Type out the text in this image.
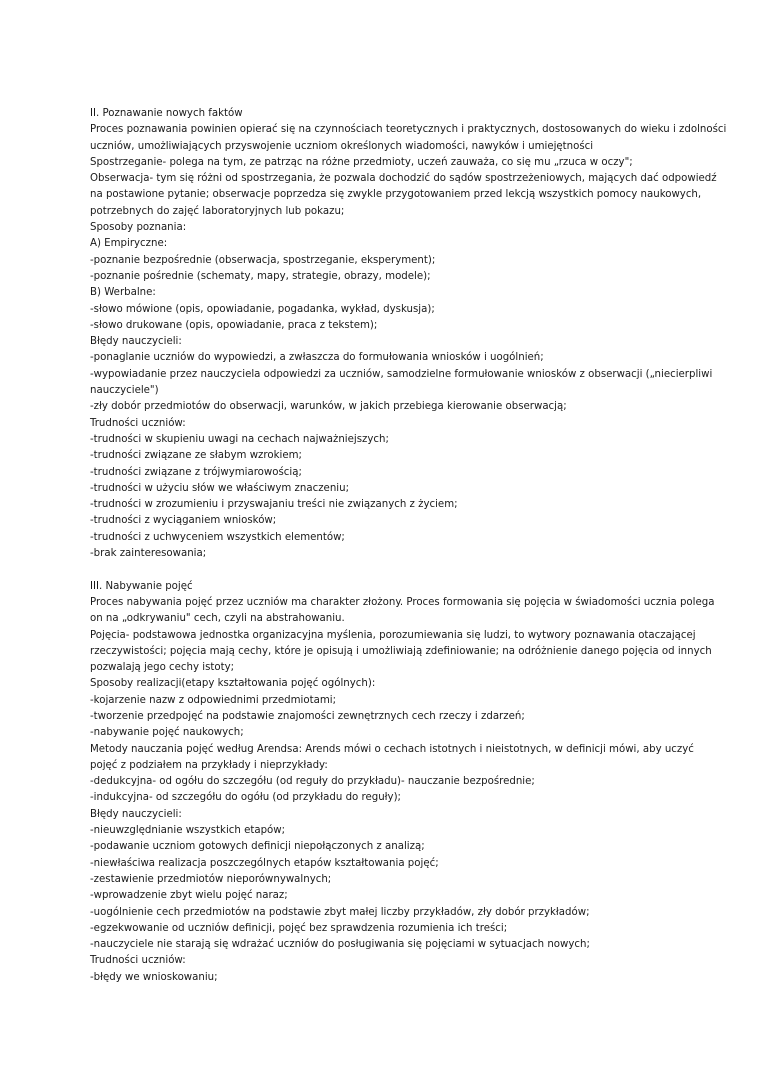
II. Poznawanie nowych faktów
Proces poznawania powinien opierać się na czynnościach teoretycznych i praktycznych, dostosowanych do wieku i zdolności
uczniów, umożliwiających przyswojenie uczniom określonych wiadomości, nawyków i umiejętności
Spostrzeganie- polega na tym, ze patrząc na różne przedmioty, uczeń zauważa, co się mu „rzuca w oczy";
Obserwacja- tym się różni od spostrzegania, że pozwala dochodzić do sądów spostrzeżeniowych, mających dać odpowiedź
na postawione pytanie; obserwacje poprzedza się zwykle przygotowaniem przed lekcją wszystkich pomocy naukowych,
potrzebnych do zajęć laboratoryjnych lub pokazu;
Sposoby poznania:
A) Empiryczne:
-poznanie bezpośrednie (obserwacja, spostrzeganie, eksperyment);
-poznanie pośrednie (schematy, mapy, strategie, obrazy, modele);
B) Werbalne:
-słowo mówione (opis, opowiadanie, pogadanka, wykład, dyskusja);
-słowo drukowane (opis, opowiadanie, praca z tekstem);
Błędy nauczycieli:
-ponaglanie uczniów do wypowiedzi, a zwłaszcza do formułowania wniosków i uogólnień;
-wypowiadanie przez nauczyciela odpowiedzi za uczniów, samodzielne formułowanie wniosków z obserwacji („niecierpliwi
nauczyciele")
-zły dobór przedmiotów do obserwacji, warunków, w jakich przebiega kierowanie obserwacją;
Trudności uczniów:
-trudności w skupieniu uwagi na cechach najważniejszych;
-trudności związane ze słabym wzrokiem;
-trudności związane z trójwymiarowością;
-trudności w użyciu słów we właściwym znaczeniu;
-trudności w zrozumieniu i przyswajaniu treści nie związanych z życiem;
-trudności z wyciąganiem wniosków;
-trudności z uchwyceniem wszystkich elementów;
-brak zainteresowania;
III. Nabywanie pojęć
Proces nabywania pojęć przez uczniów ma charakter złożony. Proces formowania się pojęcia w świadomości ucznia polega
on na „odkrywaniu" cech, czyli na abstrahowaniu.
Pojęcia- podstawowa jednostka organizacyjna myślenia, porozumiewania się ludzi, to wytwory poznawania otaczającej
rzeczywistości; pojęcia mają cechy, które je opisują i umożliwiają zdefiniowanie; na odróżnienie danego pojęcia od innych
pozwalają jego cechy istoty;
Sposoby realizacji(etapy kształtowania pojęć ogólnych):
-kojarzenie nazw z odpowiednimi przedmiotami;
-tworzenie przedpojęć na podstawie znajomości zewnętrznych cech rzeczy i zdarzeń;
-nabywanie pojęć naukowych;
Metody nauczania pojęć według Arendsa: Arends mówi o cechach istotnych i nieistotnych, w definicji mówi, aby uczyć
pojęć z podziałem na przykłady i nieprzykłady:
-dedukcyjna- od ogółu do szczegółu (od reguły do przykładu)- nauczanie bezpośrednie;
-indukcyjna- od szczegółu do ogółu (od przykładu do reguły);
Błędy nauczycieli:
-nieuwzględnianie wszystkich etapów;
-podawanie uczniom gotowych definicji niepołączonych z analizą;
-niewłaściwa realizacja poszczególnych etapów kształtowania pojęć;
-zestawienie przedmiotów nieporównywalnych;
-wprowadzenie zbyt wielu pojęć naraz;
-uogólnienie cech przedmiotów na podstawie zbyt małej liczby przykładów, zły dobór przykładów;
-egzekwowanie od uczniów definicji, pojęć bez sprawdzenia rozumienia ich treści;
-nauczyciele nie starają się wdrażać uczniów do posługiwania się pojęciami w sytuacjach nowych;
Trudności uczniów:
-błędy we wnioskowaniu;
